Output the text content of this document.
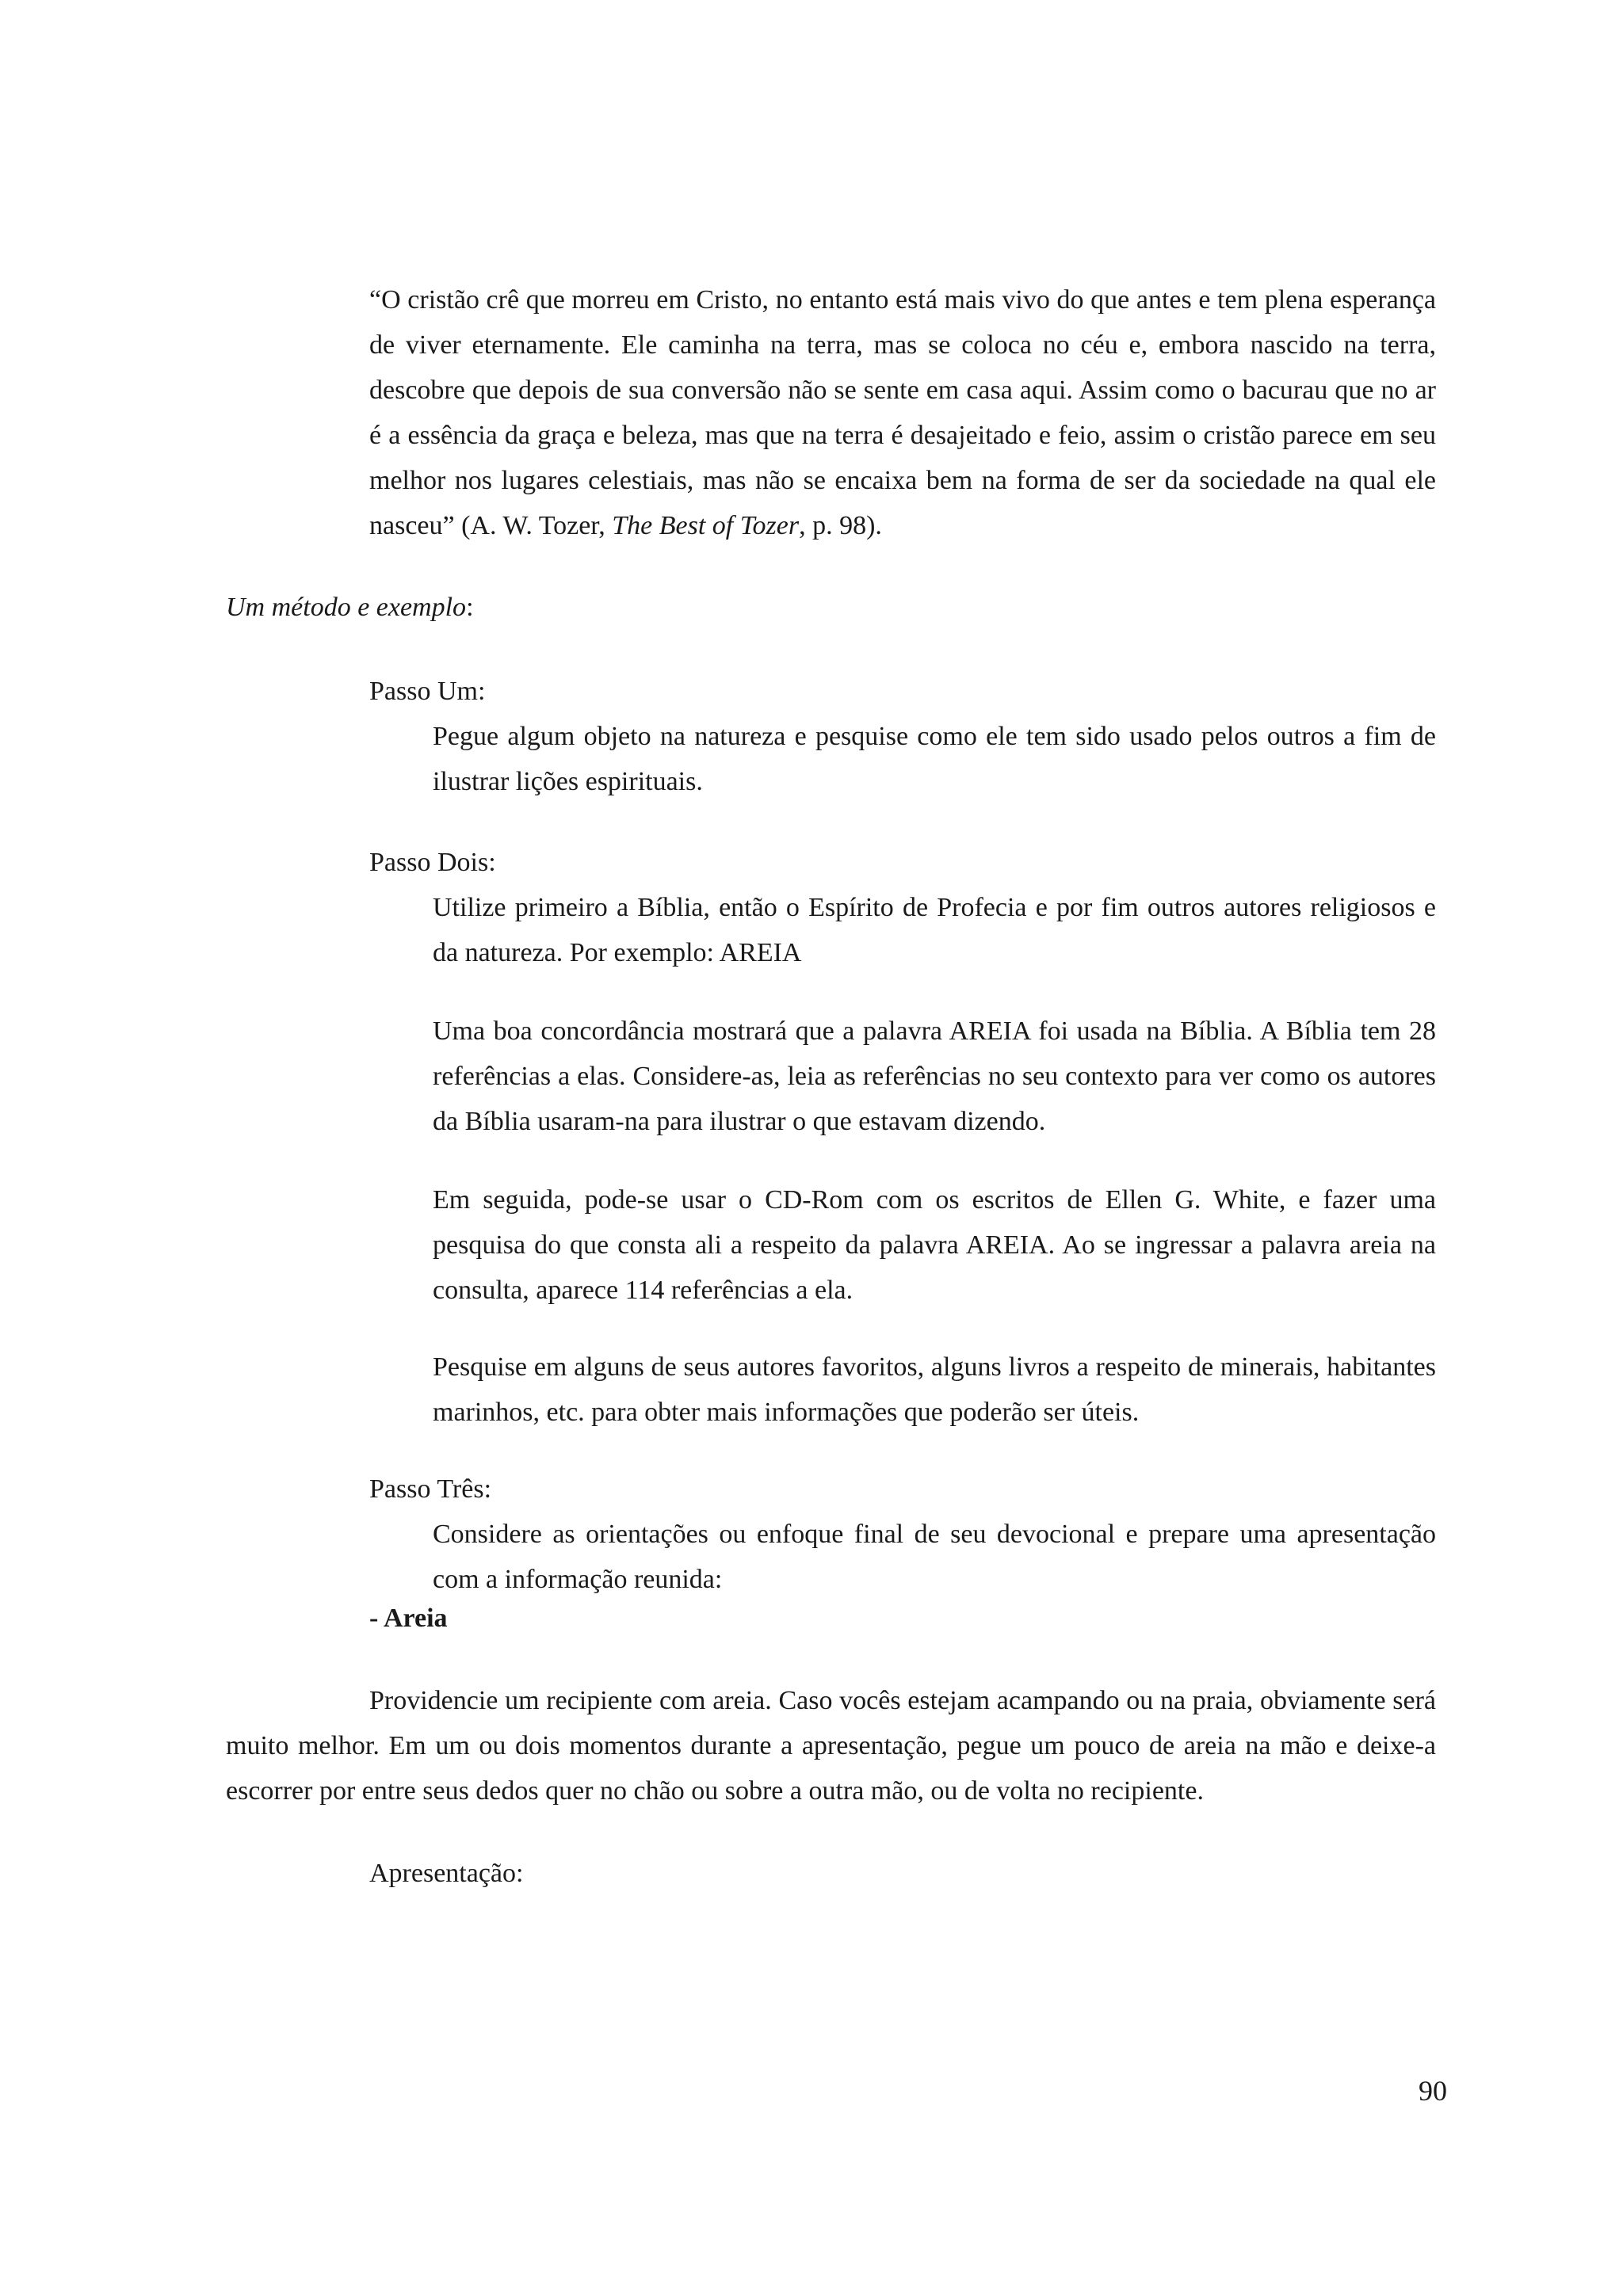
“O cristão crê que morreu em Cristo, no entanto está mais vivo do que antes e tem plena esperança de viver eternamente. Ele caminha na terra, mas se coloca no céu e, embora nascido na terra, descobre que depois de sua conversão não se sente em casa aqui. Assim como o bacurau que no ar é a essência da graça e beleza, mas que na terra é desajeitado e feio, assim o cristão parece em seu melhor nos lugares celestiais, mas não se encaixa bem na forma de ser da sociedade na qual ele nasceu” (A. W. Tozer, The Best of Tozer, p. 98).

Um método e exemplo:
Passo Um:

Pegue algum objeto na natureza e pesquise como ele tem sido usado pelos outros a fim de ilustrar lições espirituais.

Passo Dois:

Utilize primeiro a Bíblia, então o Espírito de Profecia e por fim outros autores religiosos e da natureza. Por exemplo: AREIA

Uma boa concordância mostrará que a palavra AREIA foi usada na Bíblia. A Bíblia tem 28 referências a elas. Considere-as, leia as referências no seu contexto para ver como os autores da Bíblia usaram-na para ilustrar o que estavam dizendo.

Em seguida, pode-se usar o CD-Rom com os escritos de Ellen G. White, e fazer uma pesquisa do que consta ali a respeito da palavra AREIA. Ao se ingressar a palavra areia na consulta, aparece 114 referências a ela.

Pesquise em alguns de seus autores favoritos, alguns livros a respeito de minerais, habitantes marinhos, etc. para obter mais informações que poderão ser úteis.

Passo Três:

Considere as orientações ou enfoque final de seu devocional e prepare uma apresentação com a informação reunida:

- Areia

Providencie um recipiente com areia. Caso vocês estejam acampando ou na praia, obviamente será muito melhor. Em um ou dois momentos durante a apresentação, pegue um pouco de areia na mão e deixe-a escorrer por entre seus dedos quer no chão ou sobre a outra mão, ou de volta no recipiente.

Apresentação:
90
